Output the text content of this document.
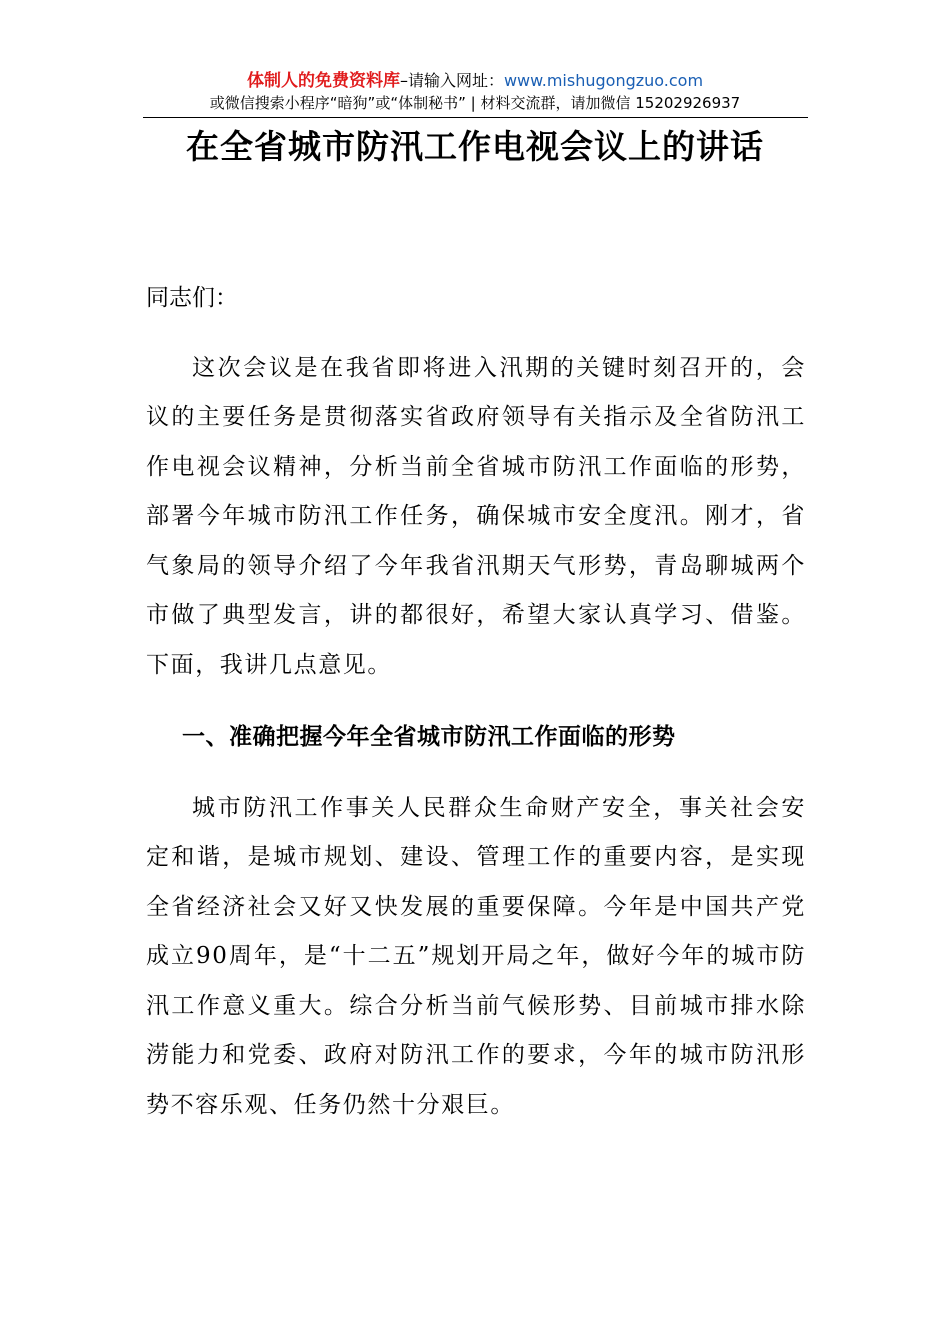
体制人的免费资料库–请输入网址：www.mishugongzuo.com
或微信搜索小程序“暗狗”或“体制秘书” | 材料交流群，请加微信 15202926937
在全省城市防汛工作电视会议上的讲话

同志们：

这次会议是在我省即将进入汛期的关键时刻召开的，会议的主要任务是贯彻落实省政府领导有关指示及全省防汛工作电视会议精神，分析当前全省城市防汛工作面临的形势，部署今年城市防汛工作任务，确保城市安全度汛。刚才，省气象局的领导介绍了今年我省汛期天气形势，青岛聊城两个市做了典型发言，讲的都很好，希望大家认真学习、借鉴。下面，我讲几点意见。

一、准确把握今年全省城市防汛工作面临的形势

城市防汛工作事关人民群众生命财产安全，事关社会安定和谐，是城市规划、建设、管理工作的重要内容，是实现全省经济社会又好又快发展的重要保障。今年是中国共产党成立90周年，是“十二五”规划开局之年，做好今年的城市防汛工作意义重大。综合分析当前气候形势、目前城市排水除涝能力和党委、政府对防汛工作的要求，今年的城市防汛形势不容乐观、任务仍然十分艰巨。
